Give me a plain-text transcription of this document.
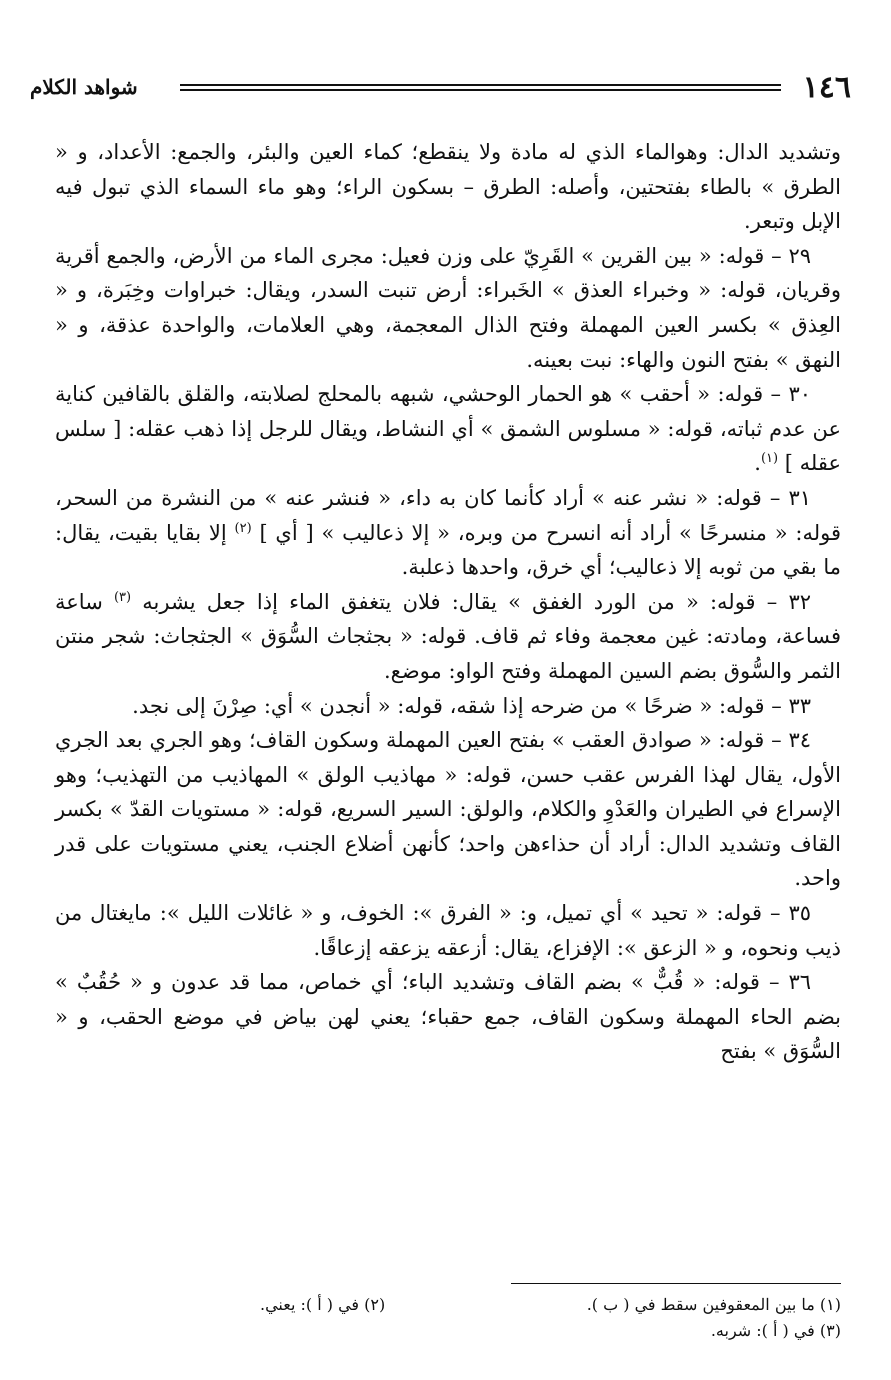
١٤٦
شواهد الكلام

وتشديد الدال: وهوالماء الذي له مادة ولا ينقطع؛ كماء العين والبئر، والجمع: الأعداد، و « الطرق » بالطاء بفتحتين، وأصله: الطرق – بسكون الراء؛ وهو ماء السماء الذي تبول فيه الإبل وتبعر.

٢٩ – قوله: « بين القرين » القَرِيّ على وزن فعيل: مجرى الماء من الأرض، والجمع أقرية وقريان، قوله: « وخبراء العذق » الخَبراء: أرض تنبت السدر، ويقال: خبراوات وخِبَرة، و « العِذق » بكسر العين المهملة وفتح الذال المعجمة، وهي العلامات، والواحدة عذقة، و « النهق » بفتح النون والهاء: نبت بعينه.

٣٠ – قوله: « أحقب » هو الحمار الوحشي، شبهه بالمحلج لصلابته، والقلق بالقافين كناية عن عدم ثباته، قوله: « مسلوس الشمق » أي النشاط، ويقال للرجل إذا ذهب عقله: [ سلس عقله ] $^{(١)}$.

٣١ – قوله: « نشر عنه » أراد كأنما كان به داء، « فنشر عنه » من النشرة من السحر، قوله: « منسرحًا » أراد أنه انسرح من وبره، « إلا ذعاليب » [ أي ] $^{(٢)}$ إلا بقايا بقيت، يقال: ما بقي من ثوبه إلا ذعاليب؛ أي خرق، واحدها ذعلبة.

٣٢ – قوله: « من الورد الغفق » يقال: فلان يتغفق الماء إذا جعل يشربه $^{(٣)}$ ساعة فساعة، ومادته: غين معجمة وفاء ثم قاف. قوله: « بجثجاث السُّوَق » الجثجاث: شجر منتن الثمر والسُّوق بضم السين المهملة وفتح الواو: موضع.

٣٣ – قوله: « ضرحًا » من ضرحه إذا شقه، قوله: « أنجدن » أي: صِرْنَ إلى نجد.

٣٤ – قوله: « صوادق العقب » بفتح العين المهملة وسكون القاف؛ وهو الجري بعد الجري الأول، يقال لهذا الفرس عقب حسن، قوله: « مهاذيب الولق » المهاذيب من التهذيب؛ وهو الإسراع في الطيران والعَدْوِ والكلام، والولق: السير السريع، قوله: « مستويات القدّ » بكسر القاف وتشديد الدال: أراد أن حذاءهن واحد؛ كأنهن أضلاع الجنب، يعني مستويات على قدر واحد.

٣٥ – قوله: « تحيد » أي تميل، و: « الفرق »: الخوف، و « غائلات الليل »: مايغتال من ذيب ونحوه، و « الزعق »: الإفزاع، يقال: أزعقه يزعقه إزعاقًا.

٣٦ – قوله: « قُبٌّ » بضم القاف وتشديد الباء؛ أي خماص، مما قد عدون و « حُقُبٌ » بضم الحاء المهملة وسكون القاف، جمع حقباء؛ يعني لهن بياض في موضع الحقب، و « السُّوَق » بفتح

(١) ما بين المعقوفين سقط في ( ب ).
(٢) في ( أ ): يعني.
(٣) في ( أ ): شربه.
